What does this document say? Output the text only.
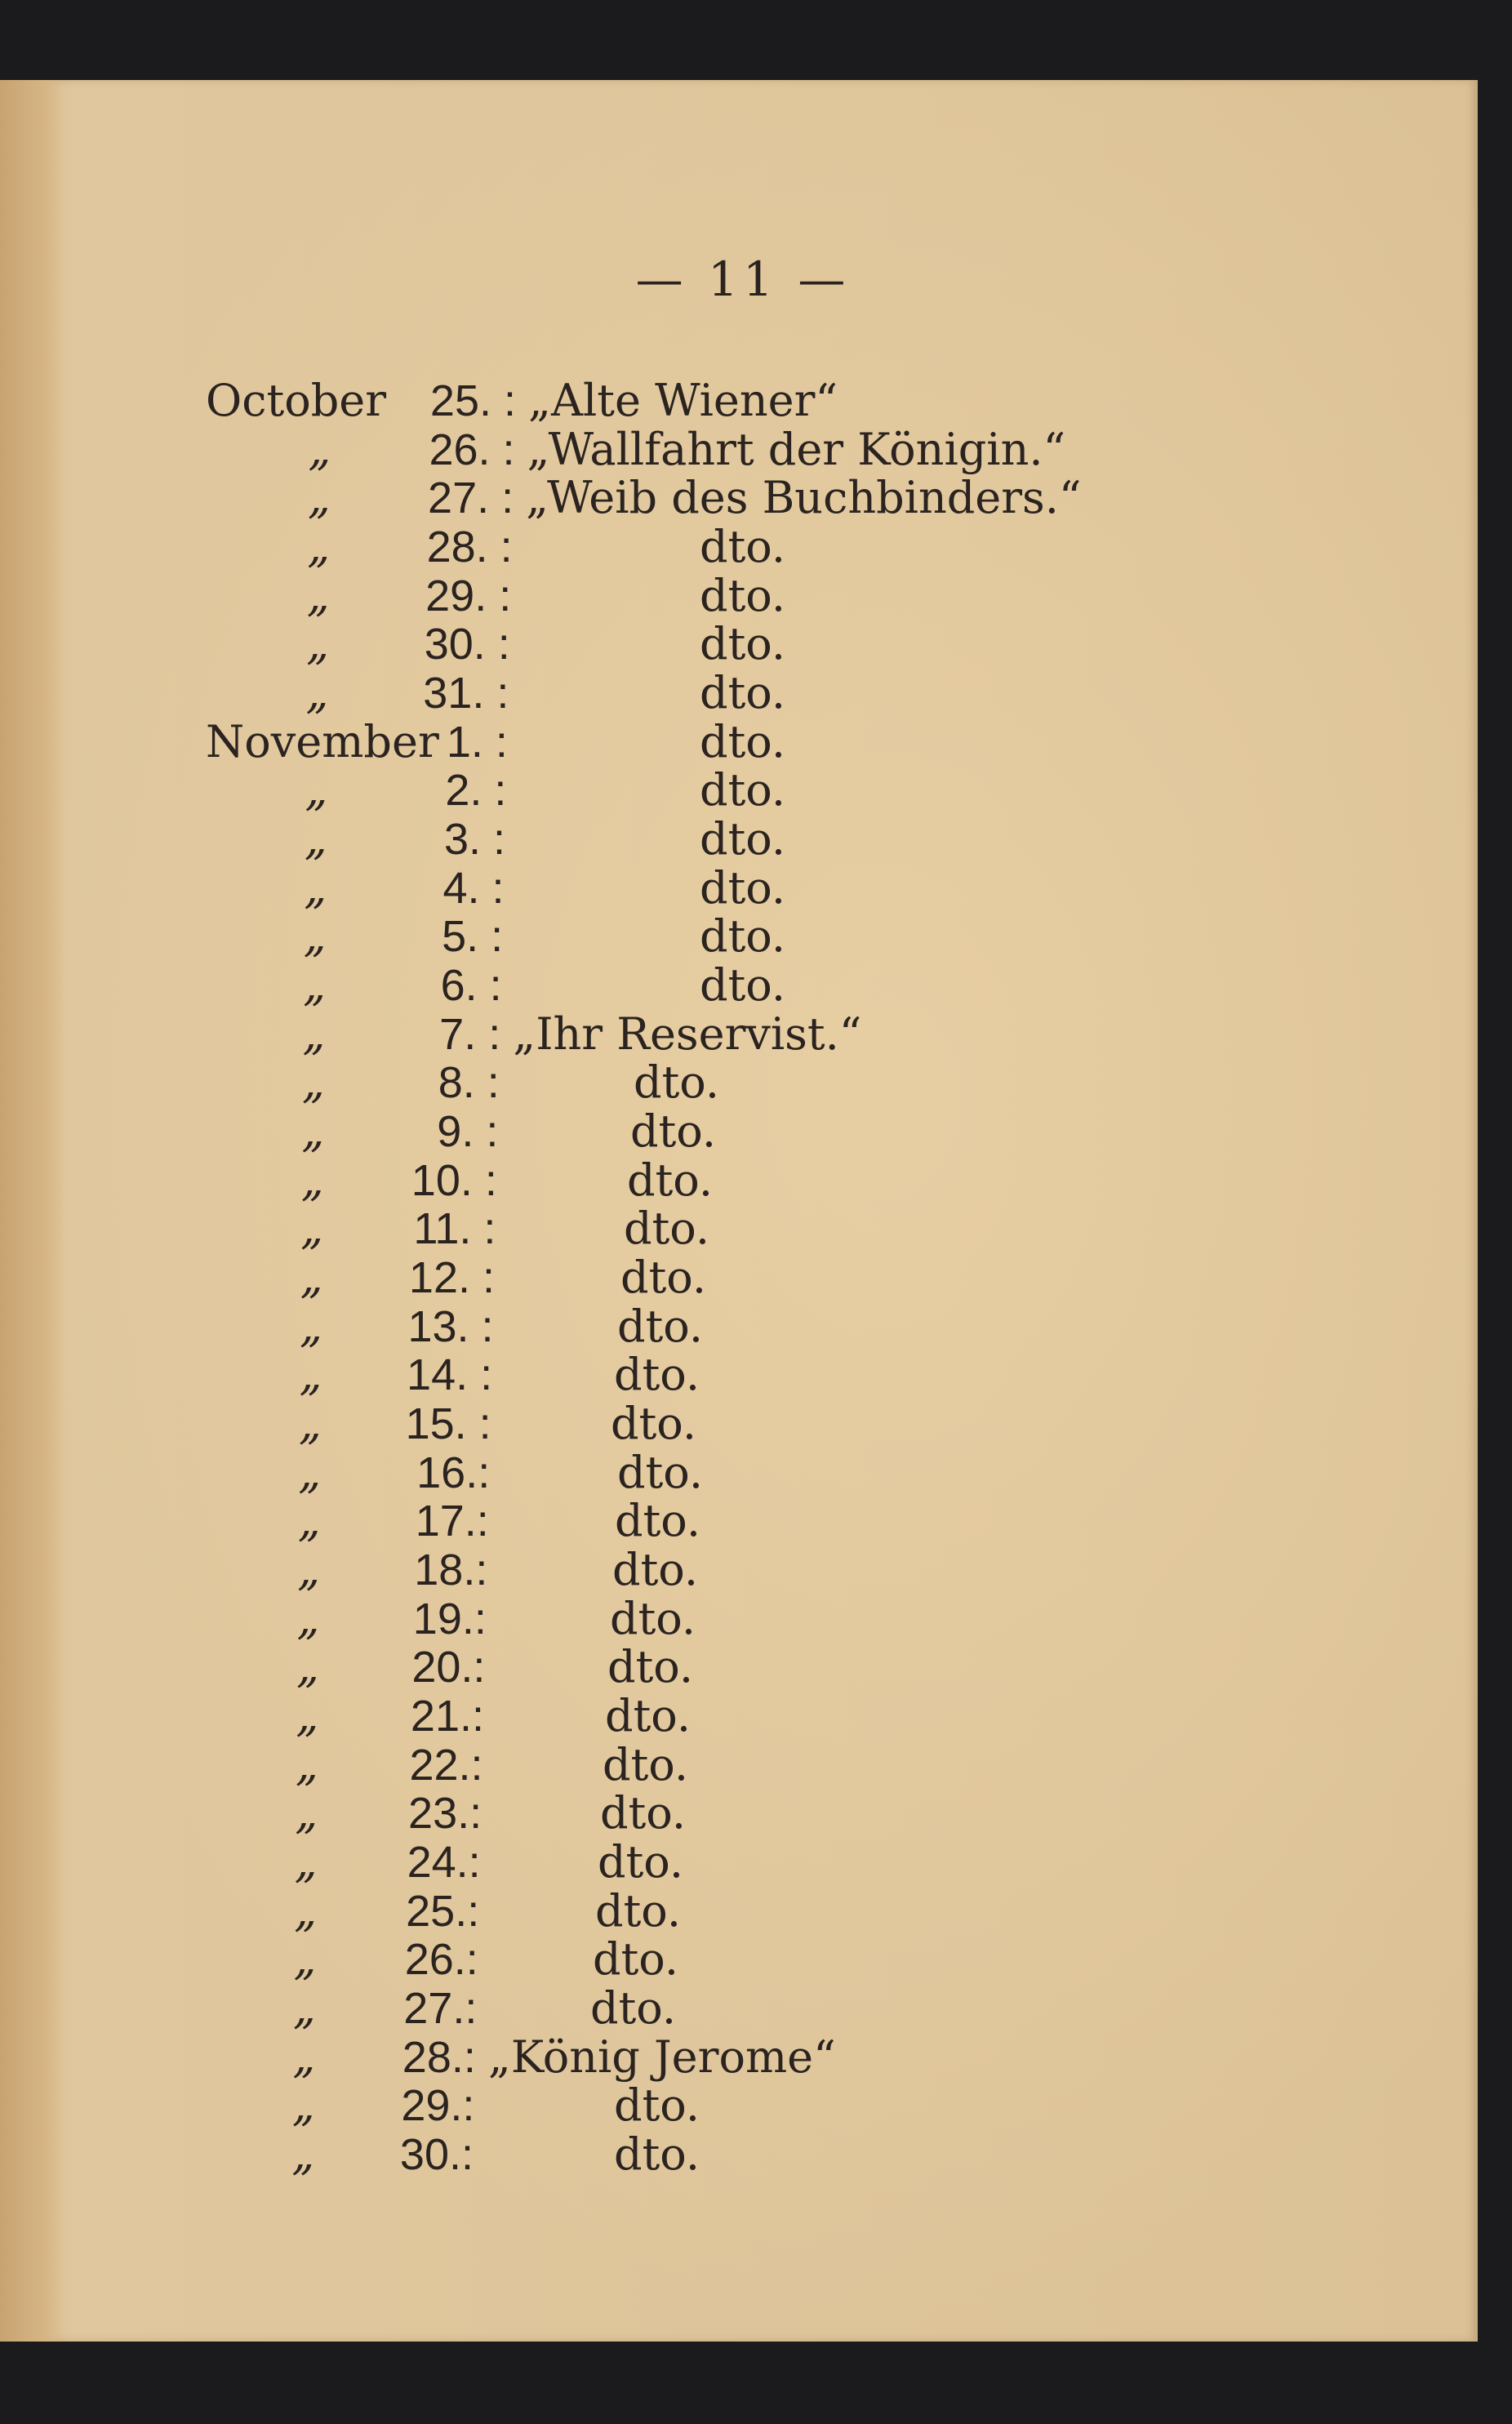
— 11 —
October 25. : „Alte Wiener“
„	26. : „Wallfahrt der Königin.“
„	27. : „Weib des Buchbinders.“
„	28. :	dto.
„	29. :	dto.
„	30. :	dto.
„	31. :	dto.
November 1. :	dto.
„	2. :	dto.
„	3. :	dto.
„	4. :	dto.
„	5. :	dto.
„	6. :	dto.
„	7. : „Ihr Reservist.“
„	8. :	dto.
„	9. :	dto.
„	10. :	dto.
„	11. :	dto.
„	12. :	dto.
„	13. :	dto.
„	14. :	dto.
„	15. :	dto.
„	16.:	dto.
„	17.:	dto.
„	18.:	dto.
„	19.:	dto.
„	20.:	dto.
„	21.:	dto.
„	22.:	dto.
„	23.:	dto.
„	24.:	dto.
„	25.:	dto.
„	26.:	dto.
„	27.:	dto.
„	28.: „König Jerome“
„	29.:	dto.
„	30.:	dto.
